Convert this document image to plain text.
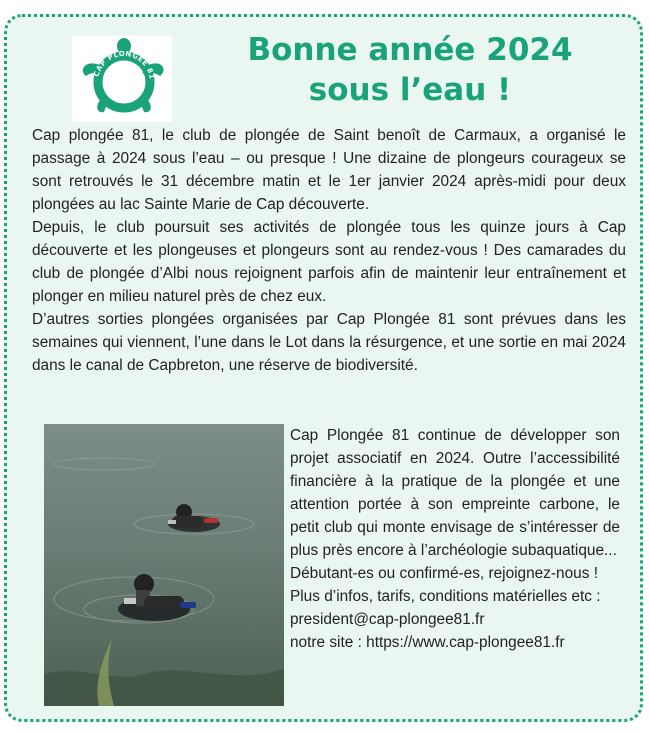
CAP PLONGÉE 81
Bonne année 2024
sous l’eau !

Cap plongée 81, le club de plongée de Saint benoît de Carmaux, a organisé le passage à 2024 sous l’eau – ou presque ! Une dizaine de plongeurs courageux se sont retrouvés le 31 décembre matin et le 1er janvier 2024 après-midi pour deux plongées au lac Sainte Marie de Cap découverte.

Depuis, le club poursuit ses activités de plongée tous les quinze jours à Cap découverte et les plongeuses et plongeurs sont au rendez-vous ! Des camarades du club de plongée d’Albi nous rejoignent parfois afin de maintenir leur entraînement et plonger en milieu naturel près de chez eux.

D’autres sorties plongées organisées par Cap Plongée 81 sont prévues dans les semaines qui viennent, l’une dans le Lot dans la résurgence, et une sortie en mai 2024 dans le canal de Capbreton, une réserve de biodiversité.

Cap Plongée 81 continue de développer son projet associatif en 2024. Outre l’accessibilité financière à la pratique de la plongée et une attention portée à son empreinte carbone, le petit club qui monte envisage de s’intéresser de plus près encore à l’archéologie subaquatique...

Débutant-es ou confirmé-es, rejoignez-nous !

Plus d’infos, tarifs, conditions matérielles etc :

president@cap-plongee81.fr

notre site : https://www.cap-plongee81.fr
